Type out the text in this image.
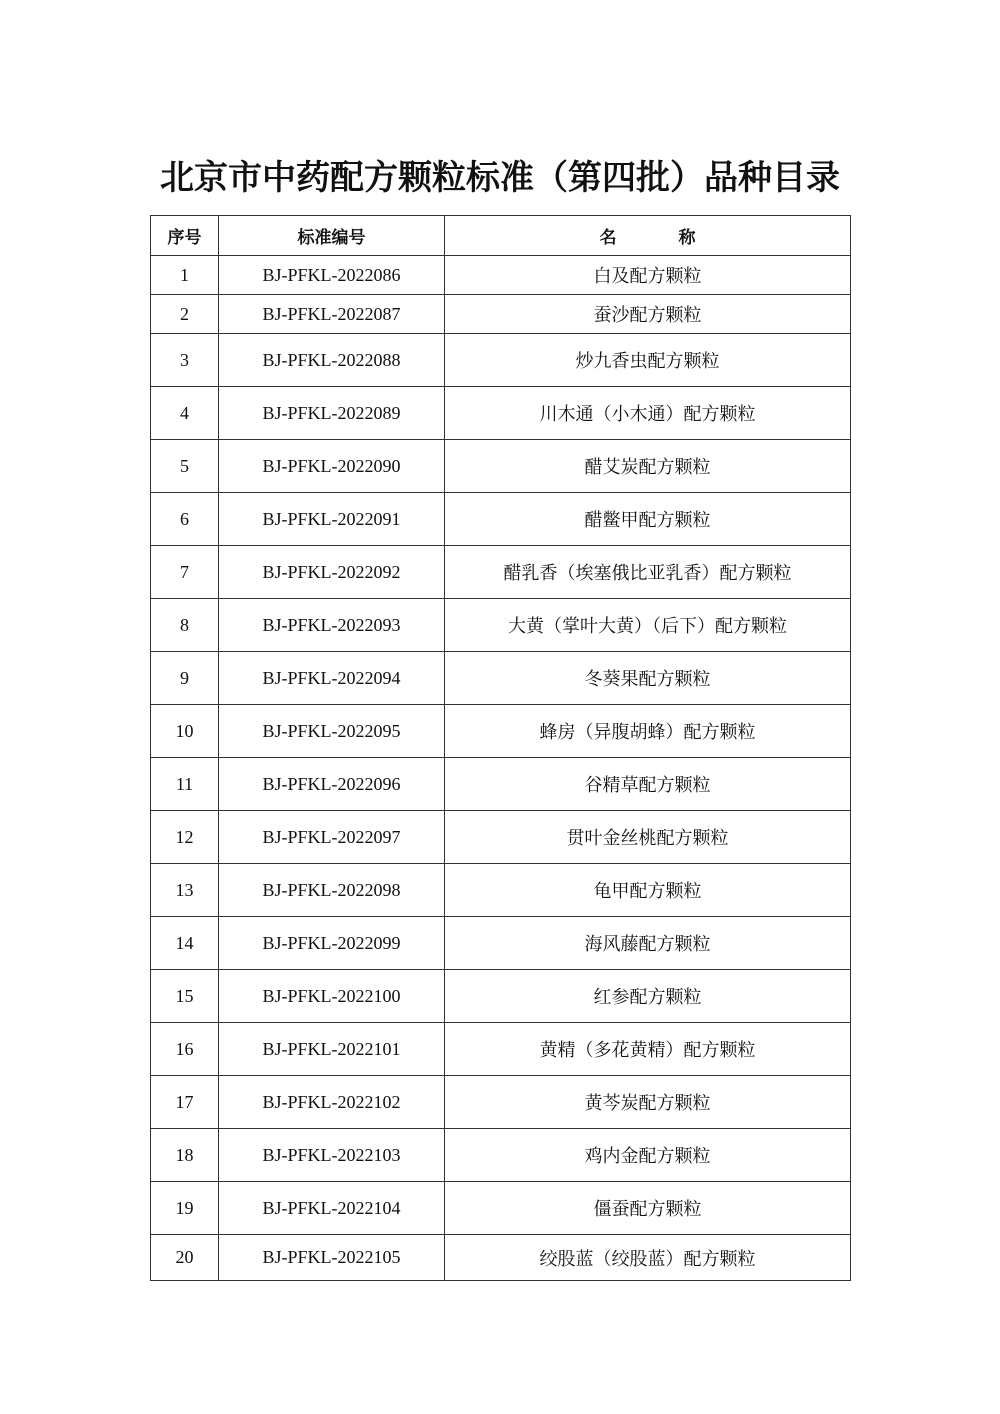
北京市中药配方颗粒标准（第四批）品种目录
序号	标准编号	名 称
1	BJ-PFKL-2022086	白及配方颗粒
2	BJ-PFKL-2022087	蚕沙配方颗粒
3	BJ-PFKL-2022088	炒九香虫配方颗粒
4	BJ-PFKL-2022089	川木通（小木通）配方颗粒
5	BJ-PFKL-2022090	醋艾炭配方颗粒
6	BJ-PFKL-2022091	醋鳖甲配方颗粒
7	BJ-PFKL-2022092	醋乳香（埃塞俄比亚乳香）配方颗粒
8	BJ-PFKL-2022093	大黄（掌叶大黄）（后下）配方颗粒
9	BJ-PFKL-2022094	冬葵果配方颗粒
10	BJ-PFKL-2022095	蜂房（异腹胡蜂）配方颗粒
11	BJ-PFKL-2022096	谷精草配方颗粒
12	BJ-PFKL-2022097	贯叶金丝桃配方颗粒
13	BJ-PFKL-2022098	龟甲配方颗粒
14	BJ-PFKL-2022099	海风藤配方颗粒
15	BJ-PFKL-2022100	红参配方颗粒
16	BJ-PFKL-2022101	黄精（多花黄精）配方颗粒
17	BJ-PFKL-2022102	黄芩炭配方颗粒
18	BJ-PFKL-2022103	鸡内金配方颗粒
19	BJ-PFKL-2022104	僵蚕配方颗粒
20	BJ-PFKL-2022105	绞股蓝（绞股蓝）配方颗粒
